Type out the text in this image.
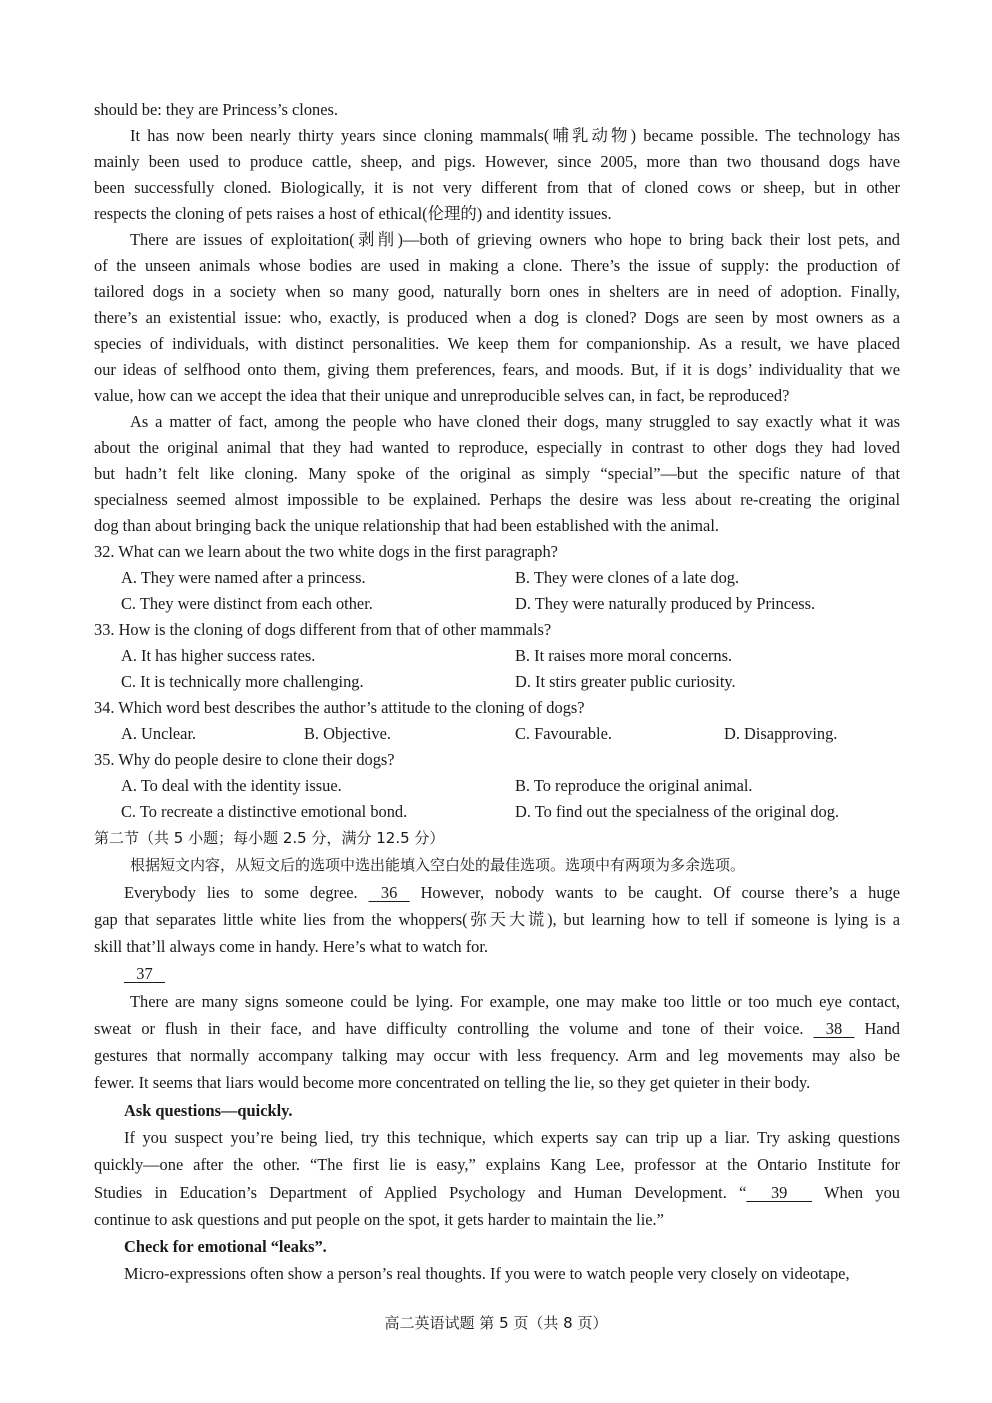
should be: they are Princess’s clones.
It has now been nearly thirty years since cloning mammals(哺乳动物) became possible. The technology has
mainly been used to produce cattle, sheep, and pigs. However, since 2005, more than two thousand dogs have
been successfully cloned. Biologically, it is not very different from that of cloned cows or sheep, but in other
respects the cloning of pets raises a host of ethical(伦理的) and identity issues.
There are issues of exploitation(剥削)—both of grieving owners who hope to bring back their lost pets, and
of the unseen animals whose bodies are used in making a clone. There’s the issue of supply: the production of
tailored dogs in a society when so many good, naturally born ones in shelters are in need of adoption. Finally,
there’s an existential issue: who, exactly, is produced when a dog is cloned? Dogs are seen by most owners as a
species of individuals, with distinct personalities. We keep them for companionship. As a result, we have placed
our ideas of selfhood onto them, giving them preferences, fears, and moods. But, if it is dogs’ individuality that we
value, how can we accept the idea that their unique and unreproducible selves can, in fact, be reproduced?
As a matter of fact, among the people who have cloned their dogs, many struggled to say exactly what it was
about the original animal that they had wanted to reproduce, especially in contrast to other dogs they had loved
but hadn’t felt like cloning. Many spoke of the original as simply “special”—but the specific nature of that
specialness seemed almost impossible to be explained. Perhaps the desire was less about re-creating the original
dog than about bringing back the unique relationship that had been established with the animal.
32. What can we learn about the two white dogs in the first paragraph?
A. They were named after a princess.	B. They were clones of a late dog.
C. They were distinct from each other.	D. They were naturally produced by Princess.
33. How is the cloning of dogs different from that of other mammals?
A. It has higher success rates.	B. It raises more moral concerns.
C. It is technically more challenging.	D. It stirs greater public curiosity.
34. Which word best describes the author’s attitude to the cloning of dogs?
A. Unclear.	B. Objective.	C. Favourable.	D. Disapproving.
35. Why do people desire to clone their dogs?
A. To deal with the identity issue.	B. To reproduce the original animal.
C. To recreate a distinctive emotional bond.	D. To find out the specialness of the original dog.
第二节（共 5 小题；每小题 2.5 分，满分 12.5 分）
根据短文内容，从短文后的选项中选出能填入空白处的最佳选项。选项中有两项为多余选项。
Everybody lies to some degree. 36 However, nobody wants to be caught. Of course there’s a huge
gap that separates little white lies from the whoppers(弥天大谎), but learning how to tell if someone is lying is a
skill that’ll always come in handy. Here’s what to watch for.
37
There are many signs someone could be lying. For example, one may make too little or too much eye contact,
sweat or flush in their face, and have difficulty controlling the volume and tone of their voice. 38 Hand
gestures that normally accompany talking may occur with less frequency. Arm and leg movements may also be
fewer. It seems that liars would become more concentrated on telling the lie, so they get quieter in their body.
Ask questions—quickly.
If you suspect you’re being lied, try this technique, which experts say can trip up a liar. Try asking questions
quickly—one after the other. “The first lie is easy,” explains Kang Lee, professor at the Ontario Institute for
Studies in Education’s Department of Applied Psychology and Human Development. “ 39 When you
continue to ask questions and put people on the spot, it gets harder to maintain the lie.”
Check for emotional “leaks”.
Micro-expressions often show a person’s real thoughts. If you were to watch people very closely on videotape,
高二英语试题 第 5 页（共 8 页）
